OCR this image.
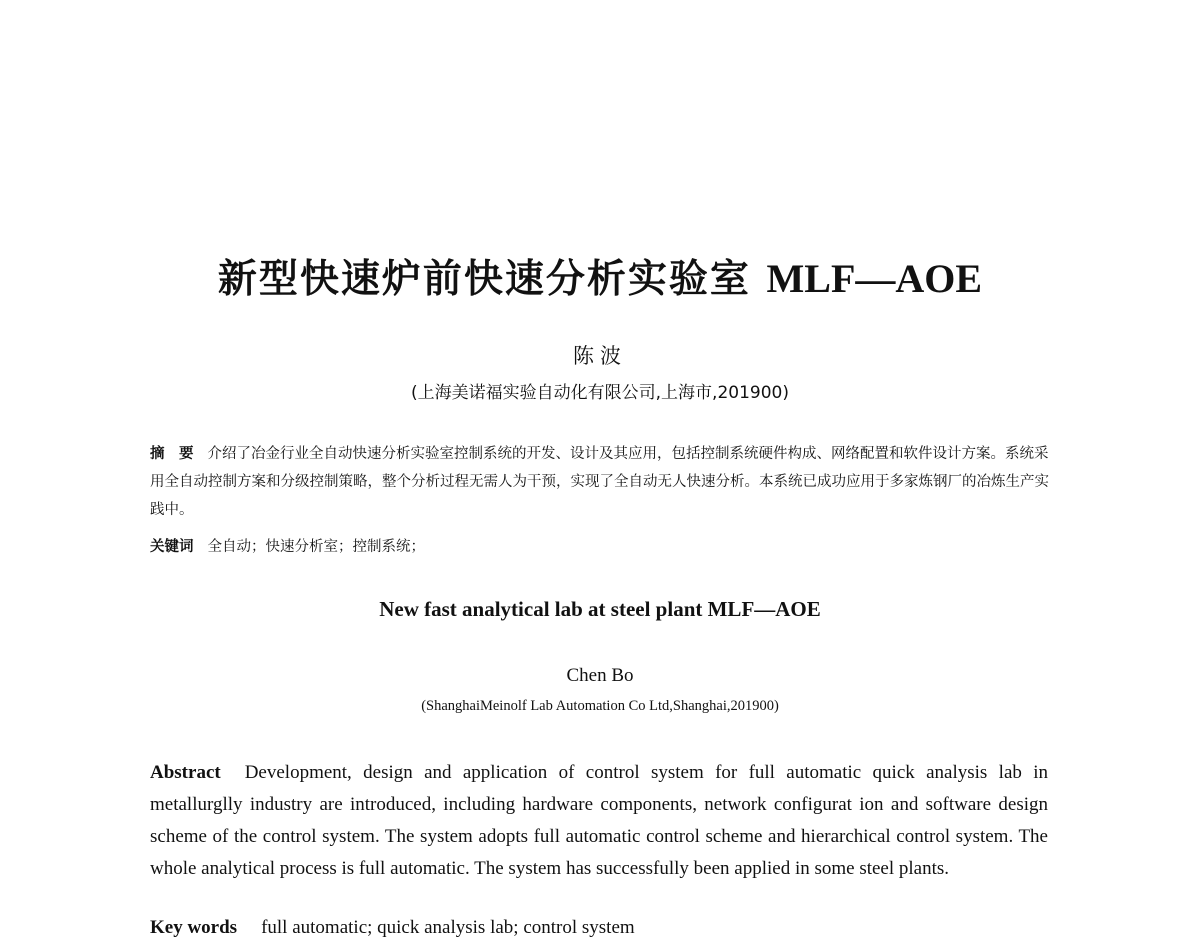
新型快速炉前快速分析实验室 MLF—AOE
陈波
(上海美诺福实验自动化有限公司,上海市,201900)
摘　要 介绍了冶金行业全自动快速分析实验室控制系统的开发、设计及其应用，包括控制系统硬件构成、网络配置和软件设计方案。系统采用全自动控制方案和分级控制策略，整个分析过程无需人为干预，实现了全自动无人快速分析。本系统已成功应用于多家炼钢厂的冶炼生产实践中。
关键词 全自动；快速分析室；控制系统；
New fast analytical lab at steel plant MLF—AOE
Chen Bo
(ShanghaiMeinolf Lab Automation Co Ltd,Shanghai,201900)
Abstract Development, design and application of control system for full automatic quick analysis lab in metallurglly industry are introduced, including hardware components, network configurat ion and software design scheme of the control system. The system adopts full automatic control scheme and hierarchical control system. The whole analytical process is full automatic. The system has successfully been applied in some steel plants.
Key words full automatic; quick analysis lab; control system
